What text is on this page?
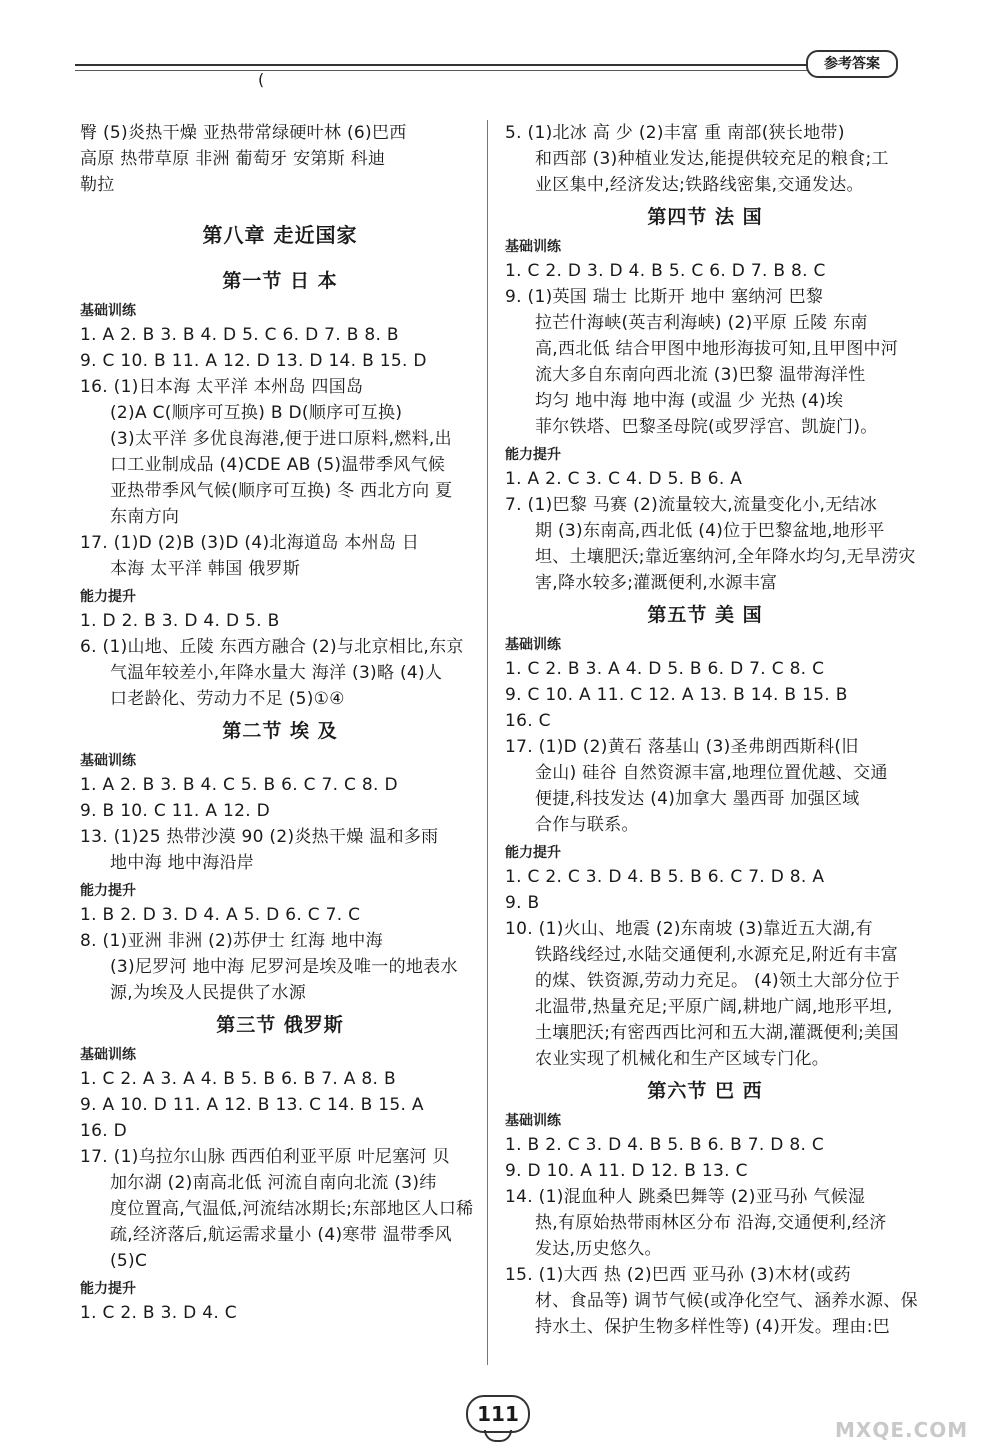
(
参考答案
臀 (5)炎热干燥 亚热带常绿硬叶林 (6)巴西
高原 热带草原 非洲 葡萄牙 安第斯 科迪
勒拉
第八章 走近国家
第一节 日 本
基础训练
1. A 2. B 3. B 4. D 5. C 6. D 7. B 8. B
9. C 10. B 11. A 12. D 13. D 14. B 15. D
16. (1)日本海 太平洋 本州岛 四国岛
(2)A C(顺序可互换) B D(顺序可互换)
(3)太平洋 多优良海港,便于进口原料,燃料,出
口工业制成品 (4)CDE AB (5)温带季风气候
亚热带季风气候(顺序可互换) 冬 西北方向 夏
东南方向
17. (1)D (2)B (3)D (4)北海道岛 本州岛 日
本海 太平洋 韩国 俄罗斯
能力提升
1. D 2. B 3. D 4. D 5. B
6. (1)山地、丘陵 东西方融合 (2)与北京相比,东京
气温年较差小,年降水量大 海洋 (3)略 (4)人
口老龄化、劳动力不足 (5)①④
第二节 埃 及
基础训练
1. A 2. B 3. B 4. C 5. B 6. C 7. C 8. D
9. B 10. C 11. A 12. D
13. (1)25 热带沙漠 90 (2)炎热干燥 温和多雨
地中海 地中海沿岸
能力提升
1. B 2. D 3. D 4. A 5. D 6. C 7. C
8. (1)亚洲 非洲 (2)苏伊士 红海 地中海
(3)尼罗河 地中海 尼罗河是埃及唯一的地表水
源,为埃及人民提供了水源
第三节 俄罗斯
基础训练
1. C 2. A 3. A 4. B 5. B 6. B 7. A 8. B
9. A 10. D 11. A 12. B 13. C 14. B 15. A
16. D
17. (1)乌拉尔山脉 西西伯利亚平原 叶尼塞河 贝
加尔湖 (2)南高北低 河流自南向北流 (3)纬
度位置高,气温低,河流结冰期长;东部地区人口稀
疏,经济落后,航运需求量小 (4)寒带 温带季风
(5)C
能力提升
1. C 2. B 3. D 4. C
5. (1)北冰 高 少 (2)丰富 重 南部(狭长地带)
和西部 (3)种植业发达,能提供较充足的粮食;工
业区集中,经济发达;铁路线密集,交通发达。
第四节 法 国
基础训练
1. C 2. D 3. D 4. B 5. C 6. D 7. B 8. C
9. (1)英国 瑞士 比斯开 地中 塞纳河 巴黎
拉芒什海峡(英吉利海峡) (2)平原 丘陵 东南
高,西北低 结合甲图中地形海拔可知,且甲图中河
流大多自东南向西北流 (3)巴黎 温带海洋性
均匀 地中海 地中海 (或温 少 光热 (4)埃
菲尔铁塔、巴黎圣母院(或罗浮宫、凯旋门)。
能力提升
1. A 2. C 3. C 4. D 5. B 6. A
7. (1)巴黎 马赛 (2)流量较大,流量变化小,无结冰
期 (3)东南高,西北低 (4)位于巴黎盆地,地形平
坦、土壤肥沃;靠近塞纳河,全年降水均匀,无旱涝灾
害,降水较多;灌溉便利,水源丰富
第五节 美 国
基础训练
1. C 2. B 3. A 4. D 5. B 6. D 7. C 8. C
9. C 10. A 11. C 12. A 13. B 14. B 15. B
16. C
17. (1)D (2)黄石 落基山 (3)圣弗朗西斯科(旧
金山) 硅谷 自然资源丰富,地理位置优越、交通
便捷,科技发达 (4)加拿大 墨西哥 加强区域
合作与联系。
能力提升
1. C 2. C 3. D 4. B 5. B 6. C 7. D 8. A
9. B
10. (1)火山、地震 (2)东南坡 (3)靠近五大湖,有
铁路线经过,水陆交通便利,水源充足,附近有丰富
的煤、铁资源,劳动力充足。 (4)领土大部分位于
北温带,热量充足;平原广阔,耕地广阔,地形平坦,
土壤肥沃;有密西西比河和五大湖,灌溉便利;美国
农业实现了机械化和生产区域专门化。
第六节 巴 西
基础训练
1. B 2. C 3. D 4. B 5. B 6. B 7. D 8. C
9. D 10. A 11. D 12. B 13. C
14. (1)混血种人 跳桑巴舞等 (2)亚马孙 气候湿
热,有原始热带雨林区分布 沿海,交通便利,经济
发达,历史悠久。
15. (1)大西 热 (2)巴西 亚马孙 (3)木材(或药
材、食品等) 调节气候(或净化空气、涵养水源、保
持水土、保护生物多样性等) (4)开发。理由:巴
111
MXQE.COM
